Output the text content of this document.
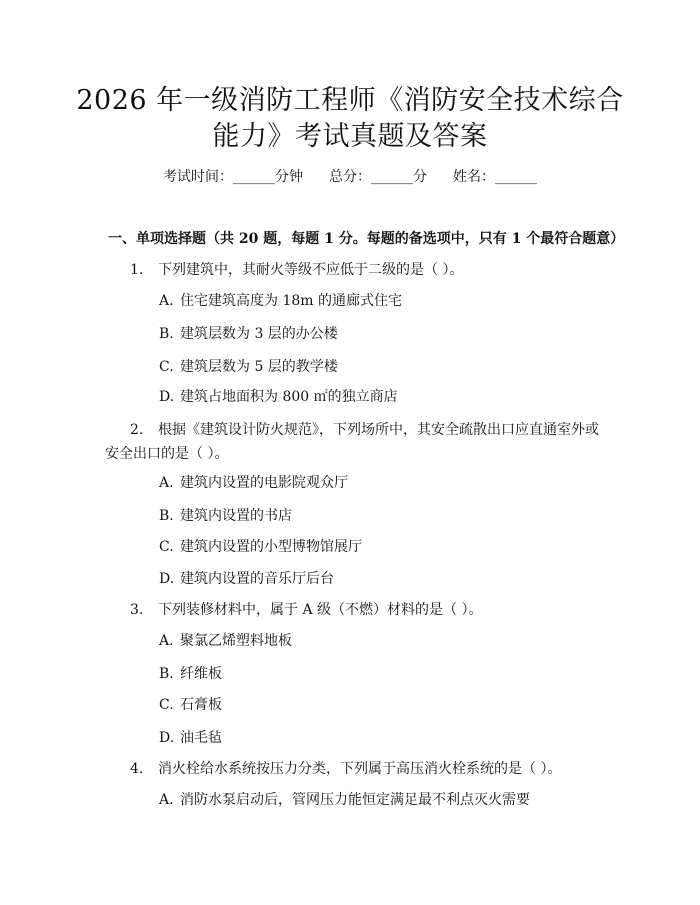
2026 年一级消防工程师《消防安全技术综合
能力》考试真题及答案
考试时间：______分钟 总分：______分 姓名：______
一、单项选择题（共 20 题，每题 1 分。每题的备选项中，只有 1 个最符合题意）
1. 下列建筑中，其耐火等级不应低于二级的是（ ）。
A. 住宅建筑高度为 18m 的通廊式住宅
B. 建筑层数为 3 层的办公楼
C. 建筑层数为 5 层的教学楼
D. 建筑占地面积为 800 ㎡的独立商店
2. 根据《建筑设计防火规范》，下列场所中，其安全疏散出口应直通室外或
安全出口的是（ ）。
A. 建筑内设置的电影院观众厅
B. 建筑内设置的书店
C. 建筑内设置的小型博物馆展厅
D. 建筑内设置的音乐厅后台
3. 下列装修材料中，属于 A 级（不燃）材料的是（ ）。
A. 聚氯乙烯塑料地板
B. 纤维板
C. 石膏板
D. 油毛毡
4. 消火栓给水系统按压力分类，下列属于高压消火栓系统的是（ ）。
A. 消防水泵启动后，管网压力能恒定满足最不利点灭火需要
